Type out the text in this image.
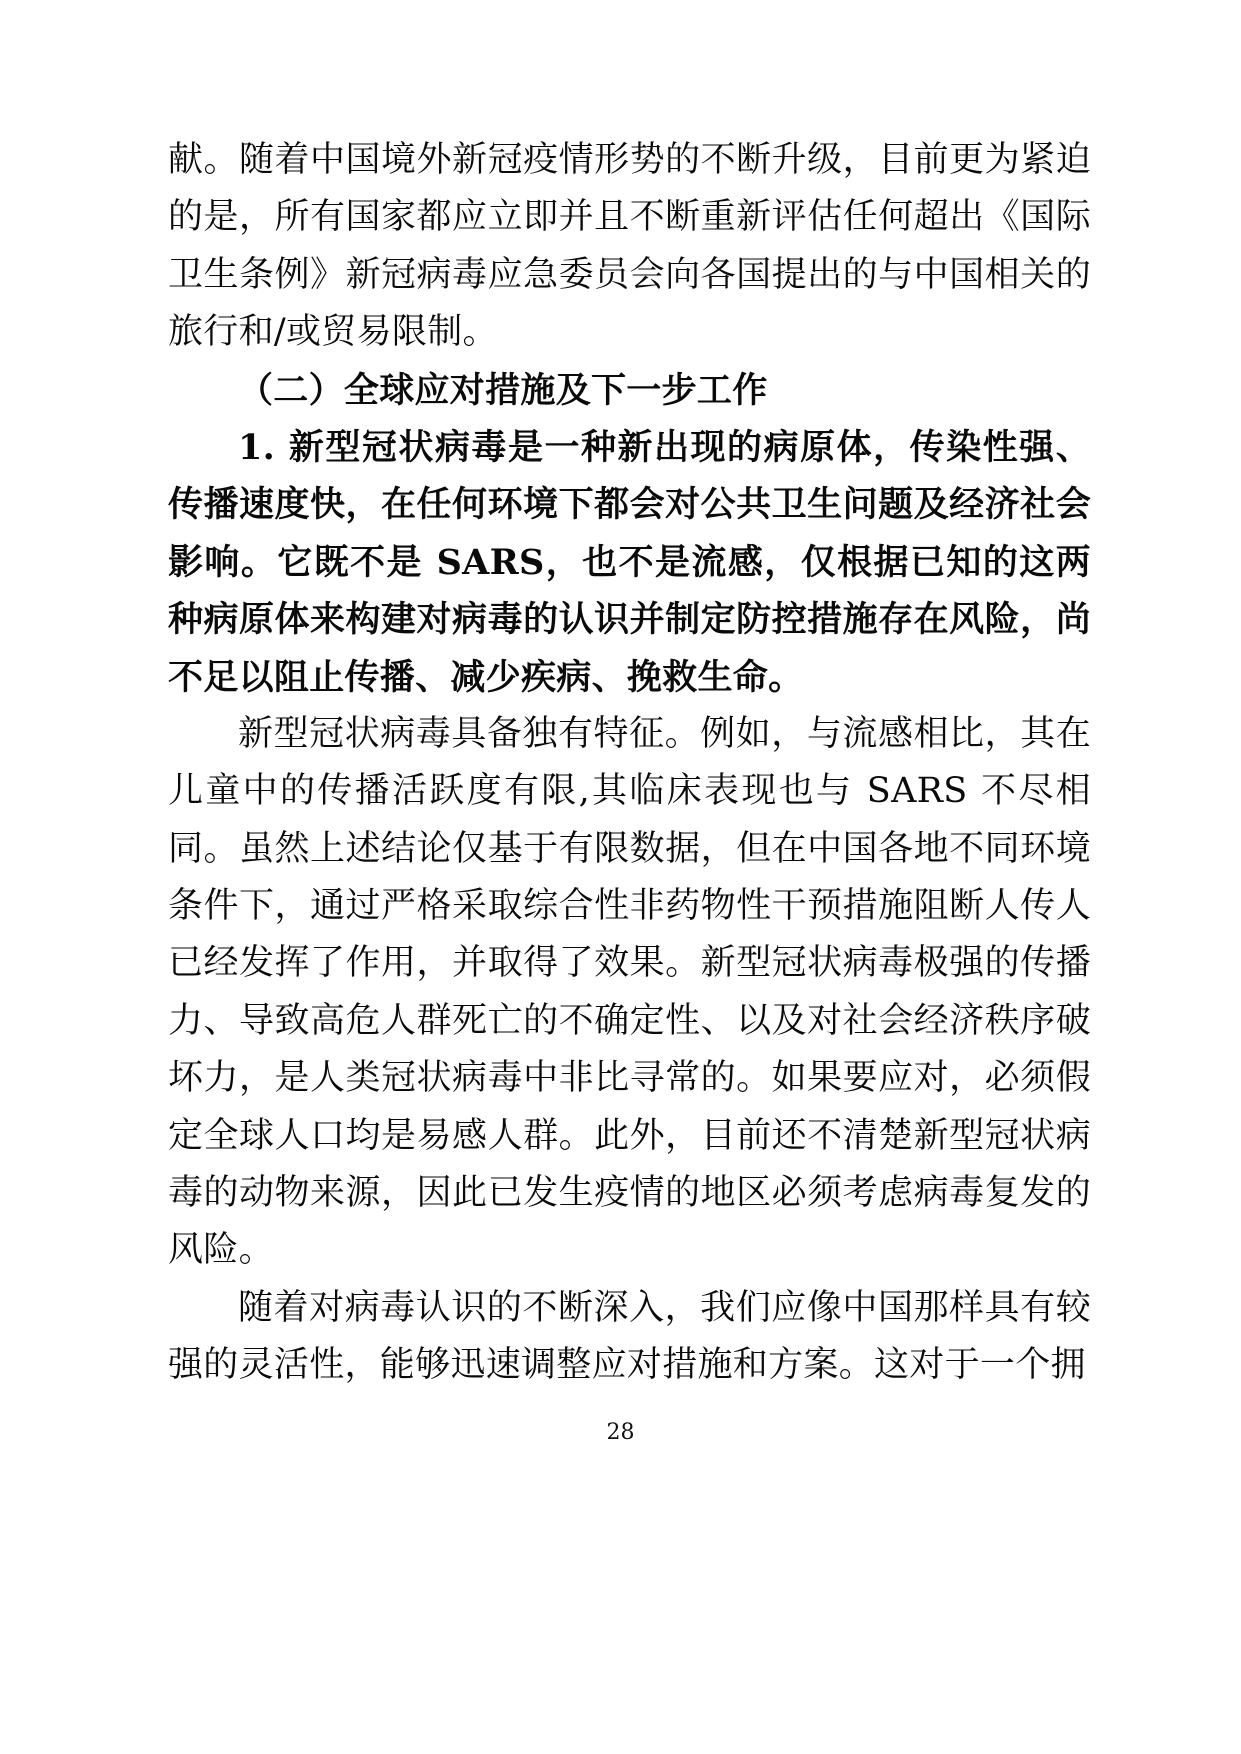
献。随着中国境外新冠疫情形势的不断升级，目前更为紧迫的是，所有国家都应立即并且不断重新评估任何超出《国际卫生条例》新冠病毒应急委员会向各国提出的与中国相关的旅行和/或贸易限制。

（二）全球应对措施及下一步工作

1. 新型冠状病毒是一种新出现的病原体，传染性强、传播速度快，在任何环境下都会对公共卫生问题及经济社会影响。它既不是 SARS，也不是流感，仅根据已知的这两种病原体来构建对病毒的认识并制定防控措施存在风险，尚不足以阻止传播、减少疾病、挽救生命。

新型冠状病毒具备独有特征。例如，与流感相比，其在儿童中的传播活跃度有限,其临床表现也与 SARS 不尽相同。虽然上述结论仅基于有限数据，但在中国各地不同环境条件下，通过严格采取综合性非药物性干预措施阻断人传人已经发挥了作用，并取得了效果。新型冠状病毒极强的传播力、导致高危人群死亡的不确定性、以及对社会经济秩序破坏力，是人类冠状病毒中非比寻常的。如果要应对，必须假定全球人口均是易感人群。此外，目前还不清楚新型冠状病毒的动物来源，因此已发生疫情的地区必须考虑病毒复发的风险。

随着对病毒认识的不断深入，我们应像中国那样具有较强的灵活性，能够迅速调整应对措施和方案。这对于一个拥

28
